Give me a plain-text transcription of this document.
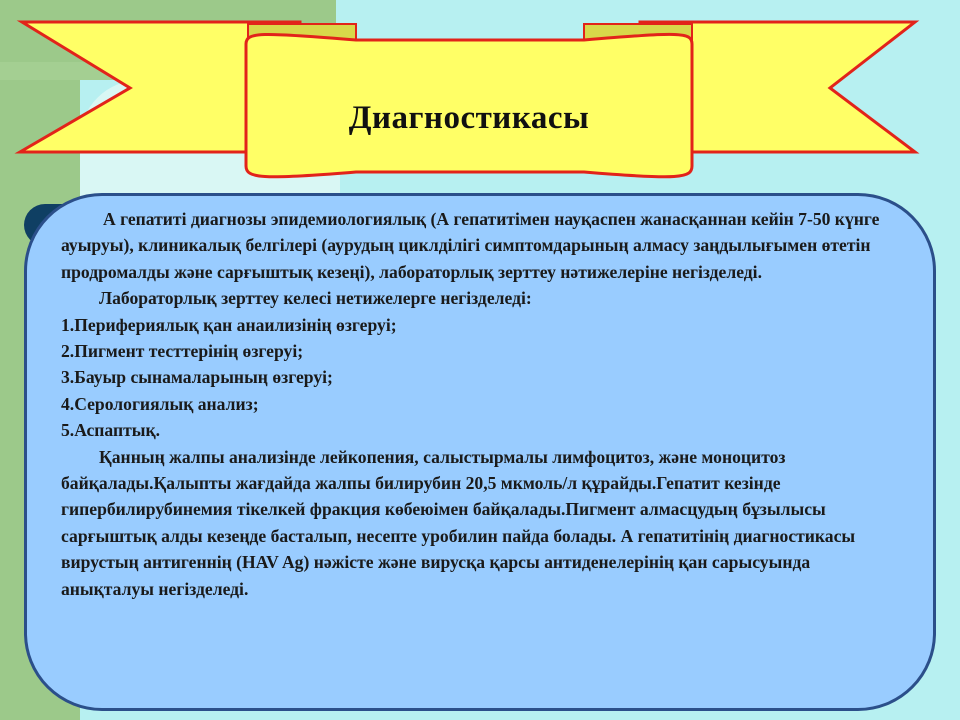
Диагностикасы

А гепатиті диагнозы эпидемиологиялық (А гепатитімен науқаспен жанасқаннан кейін 7-50 күнге ауыруы), клиникалық белгілері (аурудың циклділігі симптомдарының алмасу заңдылығымен өтетін продромалды және сарғыштық кезеңі), лабораторлық зерттеу нәтижелеріне негізделеді.

Лабораторлық зерттеу келесі нетижелерге негізделеді:

1.Перифериялық қан анаилизінің өзгеруі;

2.Пигмент тесттерінің өзгеруі;

3.Бауыр сынамаларының өзгеруі;

4.Серологиялық анализ;

5.Аспаптық.

Қанның жалпы анализінде лейкопения, салыстырмалы лимфоцитоз, және моноцитоз байқалады.Қалыпты жағдайда жалпы билирубин 20,5 мкмоль/л құрайды.Гепатит кезінде гипербилирубинемия тікелкей фракция көбеюімен байқалады.Пигмент алмасцудың бұзылысы сарғыштық алды кезеңде басталып, несепте уробилин пайда болады. А гепатитінің диагностикасы вирустың антигеннің (HAV Ag) нәжісте және вирусқа қарсы антиденелерінің қан сарысуында анықталуы негізделеді.
